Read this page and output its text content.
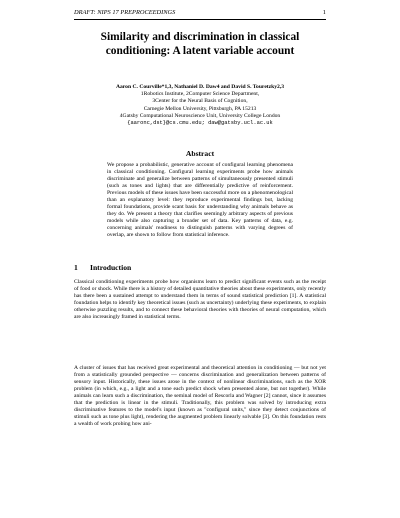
DRAFT: NIPS 17 PREPROCEEDINGS	1
Similarity and discrimination in classical
conditioning: A latent variable account
Aaron C. Courville*1,3, Nathaniel D. Daw4 and David S. Touretzky2,3
1Robotics Institute, 2Computer Science Department,
3Center for the Neural Basis of Cognition,
Carnegie Mellon University, Pittsburgh, PA 15213
4Gatsby Computational Neuroscience Unit, University College London
{aaronc,dst}@cs.cmu.edu; daw@gatsby.ucl.ac.uk
Abstract
We propose a probabilistic, generative account of configural learning phenomena in classical conditioning. Configural learning experiments probe how animals discriminate and generalize between patterns of simultaneously presented stimuli (such as tones and lights) that are differentially predictive of reinforcement. Previous models of these issues have been successful more on a phenomenological than an explanatory level: they reproduce experimental findings but, lacking formal foundations, provide scant basis for understanding why animals behave as they do. We present a theory that clarifies seemingly arbitrary aspects of previous models while also capturing a broader set of data. Key patterns of data, e.g. concerning animals' readiness to distinguish patterns with varying degrees of overlap, are shown to follow from statistical inference.
1 Introduction
Classical conditioning experiments probe how organisms learn to predict significant events such as the receipt of food or shock. While there is a history of detailed quantitative theories about these experiments, only recently has there been a sustained attempt to understand them in terms of sound statistical prediction [1]. A statistical foundation helps to identify key theoretical issues (such as uncertainty) underlying these experiments, to explain otherwise puzzling results, and to connect these behavioral theories with theories of neural computation, which are also increasingly framed in statistical terms.
A cluster of issues that has received great experimental and theoretical attention in conditioning — but not yet from a statistically grounded perspective — concerns discrimination and generalization between patterns of sensory input. Historically, these issues arose in the context of nonlinear discriminations, such as the XOR problem (in which, e.g., a light and a tone each predict shock when presented alone, but not together). While animals can learn such a discrimination, the seminal model of Rescorla and Wagner [2] cannot, since it assumes that the prediction is linear in the stimuli. Traditionally, this problem was solved by introducing extra discriminative features to the model's input (known as "configural units," since they detect conjunctions of stimuli such as tone plus light), rendering the augmented problem linearly solvable [3]. On this foundation rests a wealth of work probing how ani-
